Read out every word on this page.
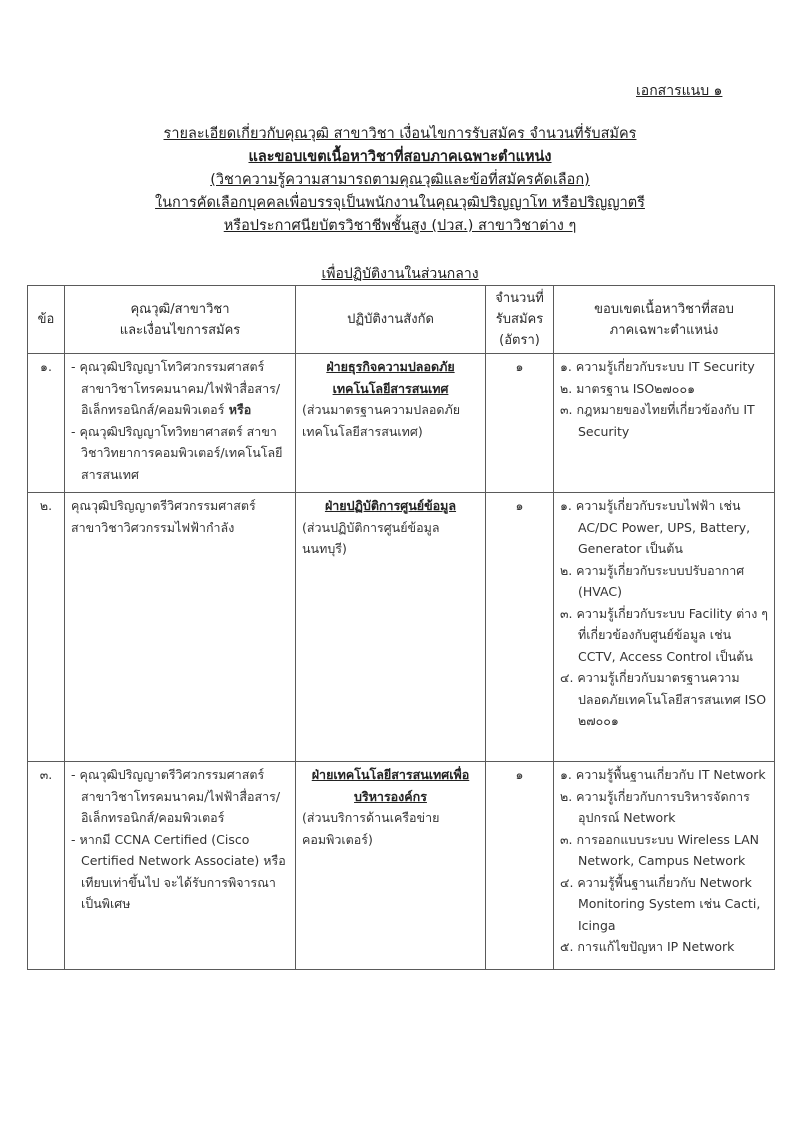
เอกสารแนบ ๑
รายละเอียดเกี่ยวกับคุณวุฒิ สาขาวิชา เงื่อนไขการรับสมัคร จำนวนที่รับสมัคร
และขอบเขตเนื้อหาวิชาที่สอบภาคเฉพาะตำแหน่ง
(วิชาความรู้ความสามารถตามคุณวุฒิและข้อที่สมัครคัดเลือก)
ในการคัดเลือกบุคคลเพื่อบรรจุเป็นพนักงานในคุณวุฒิปริญญาโท หรือปริญญาตรี
หรือประกาศนียบัตรวิชาชีพชั้นสูง (ปวส.) สาขาวิชาต่าง ๆ
เพื่อปฏิบัติงานในส่วนกลาง
ข้อ	คุณวุฒิ/สาขาวิชา
และเงื่อนไขการสมัคร	ปฏิบัติงานสังกัด	จำนวนที่
รับสมัคร
(อัตรา)	ขอบเขตเนื้อหาวิชาที่สอบ
ภาคเฉพาะตำแหน่ง
๑.	- คุณวุฒิปริญญาโทวิศวกรรมศาสตร์ สาขาวิชาโทรคมนาคม/ไฟฟ้าสื่อสาร/อิเล็กทรอนิกส์/คอมพิวเตอร์ หรือ
- คุณวุฒิปริญญาโทวิทยาศาสตร์ สาขาวิชาวิทยาการคอมพิวเตอร์/เทคโนโลยีสารสนเทศ	ฝ่ายธุรกิจความปลอดภัยเทคโนโลยีสารสนเทศ
(ส่วนมาตรฐานความปลอดภัยเทคโนโลยีสารสนเทศ)	๑	๑. ความรู้เกี่ยวกับระบบ IT Security
๒. มาตรฐาน ISO๒๗๐๐๑
๓. กฎหมายของไทยที่เกี่ยวข้องกับ IT Security

๒.	คุณวุฒิปริญญาตรีวิศวกรรมศาสตร์ สาขาวิชาวิศวกรรมไฟฟ้ากำลัง	ฝ่ายปฏิบัติการศูนย์ข้อมูล
(ส่วนปฏิบัติการศูนย์ข้อมูลนนทบุรี)	๑	๑. ความรู้เกี่ยวกับระบบไฟฟ้า เช่น AC/DC Power, UPS, Battery, Generator เป็นต้น
๒. ความรู้เกี่ยวกับระบบปรับอากาศ (HVAC)
๓. ความรู้เกี่ยวกับระบบ Facility ต่าง ๆ ที่เกี่ยวข้องกับศูนย์ข้อมูล เช่น CCTV, Access Control เป็นต้น
๔. ความรู้เกี่ยวกับมาตรฐานความปลอดภัยเทคโนโลยีสารสนเทศ ISO ๒๗๐๐๑

๓.	- คุณวุฒิปริญญาตรีวิศวกรรมศาสตร์ สาขาวิชาโทรคมนาคม/ไฟฟ้าสื่อสาร/อิเล็กทรอนิกส์/คอมพิวเตอร์
- หากมี CCNA Certified (Cisco Certified Network Associate) หรือเทียบเท่าขึ้นไป จะได้รับการพิจารณาเป็นพิเศษ	ฝ่ายเทคโนโลยีสารสนเทศเพื่อบริหารองค์กร
(ส่วนบริการด้านเครือข่ายคอมพิวเตอร์)	๑	๑. ความรู้พื้นฐานเกี่ยวกับ IT Network
๒. ความรู้เกี่ยวกับการบริหารจัดการอุปกรณ์ Network
๓. การออกแบบระบบ Wireless LAN Network, Campus Network
๔. ความรู้พื้นฐานเกี่ยวกับ Network Monitoring System เช่น Cacti, Icinga
๕. การแก้ไขปัญหา IP Network
